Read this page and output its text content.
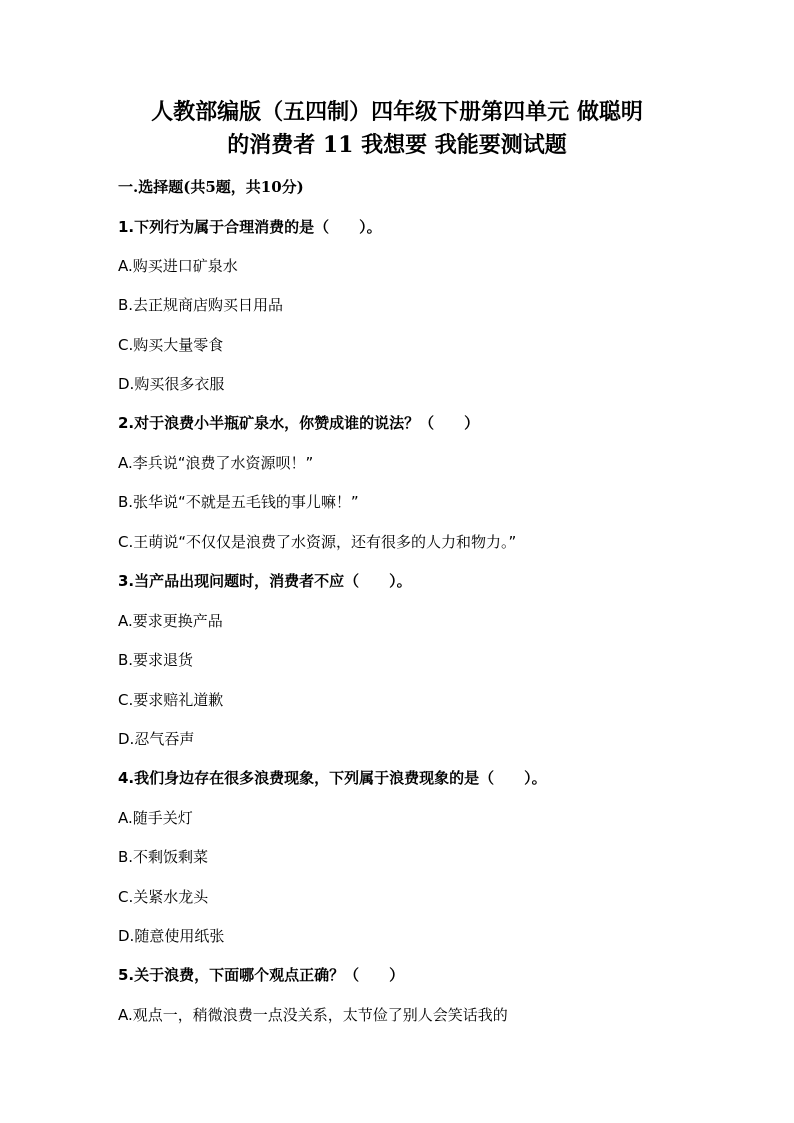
人教部编版（五四制）四年级下册第四单元 做聪明
的消费者 11 我想要 我能要测试题
一.选择题(共5题，共10分)
1.下列行为属于合理消费的是（　　）。
A.购买进口矿泉水
B.去正规商店购买日用品
C.购买大量零食
D.购买很多衣服
2.对于浪费小半瓶矿泉水，你赞成谁的说法？（　　）
A.李兵说“浪费了水资源呗！”
B.张华说“不就是五毛钱的事儿嘛！”
C.王萌说“不仅仅是浪费了水资源，还有很多的人力和物力。”
3.当产品出现问题时，消费者不应（　　）。
A.要求更换产品
B.要求退货
C.要求赔礼道歉
D.忍气吞声
4.我们身边存在很多浪费现象，下列属于浪费现象的是（　　）。
A.随手关灯
B.不剩饭剩菜
C.关紧水龙头
D.随意使用纸张
5.关于浪费，下面哪个观点正确？（　　）
A.观点一，稍微浪费一点没关系，太节俭了别人会笑话我的
